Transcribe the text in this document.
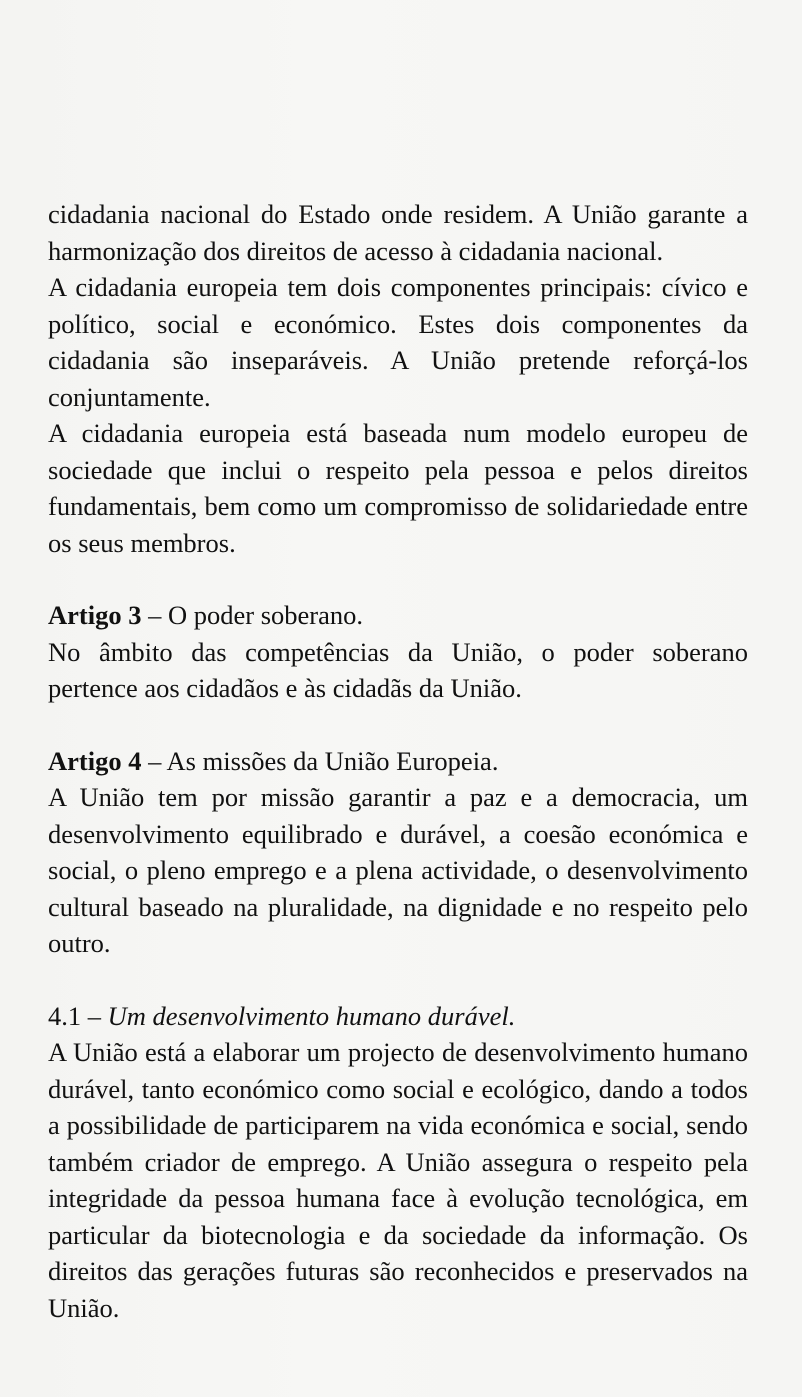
cidadania nacional do Estado onde residem. A União garante a harmonização dos direitos de acesso à cidadania nacional.

A cidadania europeia tem dois componentes principais: cívico e político, social e económico. Estes dois componentes da cidadania são inseparáveis. A União pretende reforçá-los conjuntamente.

A cidadania europeia está baseada num modelo europeu de sociedade que inclui o respeito pela pessoa e pelos direitos fundamentais, bem como um compromisso de solidariedade entre os seus membros.

Artigo 3 – O poder soberano.

No âmbito das competências da União, o poder soberano pertence aos cidadãos e às cidadãs da União.

Artigo 4 – As missões da União Europeia.

A União tem por missão garantir a paz e a democracia, um desenvolvimento equilibrado e durável, a coesão económica e social, o pleno emprego e a plena actividade, o desenvolvimento cultural baseado na pluralidade, na dignidade e no respeito pelo outro.

4.1 – Um desenvolvimento humano durável.

A União está a elaborar um projecto de desenvolvimento humano durável, tanto económico como social e ecológico, dando a todos a possibilidade de participarem na vida económica e social, sendo também criador de emprego. A União assegura o respeito pela integridade da pessoa humana face à evolução tecnológica, em particular da biotecnologia e da sociedade da informação. Os direitos das gerações futuras são reconhecidos e preservados na União.
